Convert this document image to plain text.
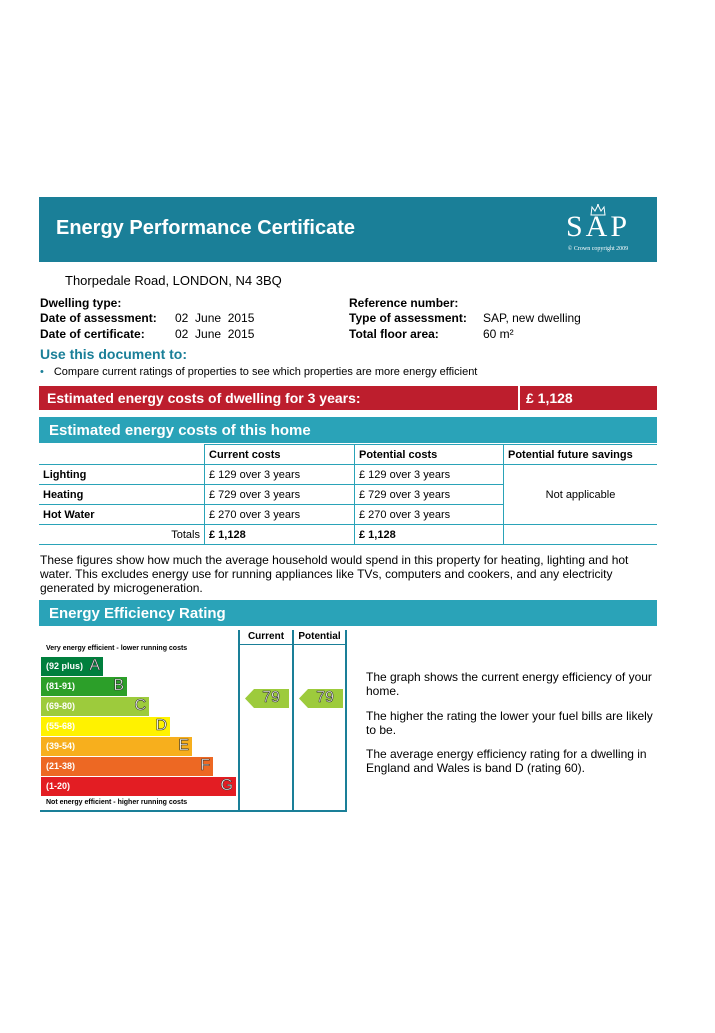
Energy Performance Certificate	SAP
© Crown copyright 2009
Thorpedale Road, LONDON, N4 3BQ
Dwelling type:
Date of assessment: 02  June  2015
Date of certificate:	02  June  2015
Reference number:
Type of assessment: SAP, new dwelling
Total floor area:	60 m²
Use this document to:
• Compare current ratings of properties to see which properties are more energy efficient
Estimated energy costs of dwelling for 3 years:	£ 1,128
Estimated energy costs of this home
	Current costs	Potential costs	Potential future savings
Lighting	£ 129 over 3 years	£ 129 over 3 years	Not applicable
Heating	£ 729 over 3 years	£ 729 over 3 years	
Hot Water	£ 270 over 3 years	£ 270 over 3 years	
Totals	£ 1,128	£ 1,128	
These figures show how much the average household would spend in this property for heating, lighting and hot water. This excludes energy use for running appliances like TVs, computers and cookers, and any electricity generated by microgeneration.
Energy Efficiency Rating
Current	Potential
Very energy efficient - lower running costs
Not energy efficient - higher running costs
(92 plus) A
(81-91) B
(69-80)	C
(55-68)	D
(39-54)	E
(21-38)	F
(1-20)	G
79	79
The graph shows the current energy efficiency of your home.
The higher the rating the lower your fuel bills are likely to be.
The average energy efficiency rating for a dwelling in England and Wales is band D (rating 60).
